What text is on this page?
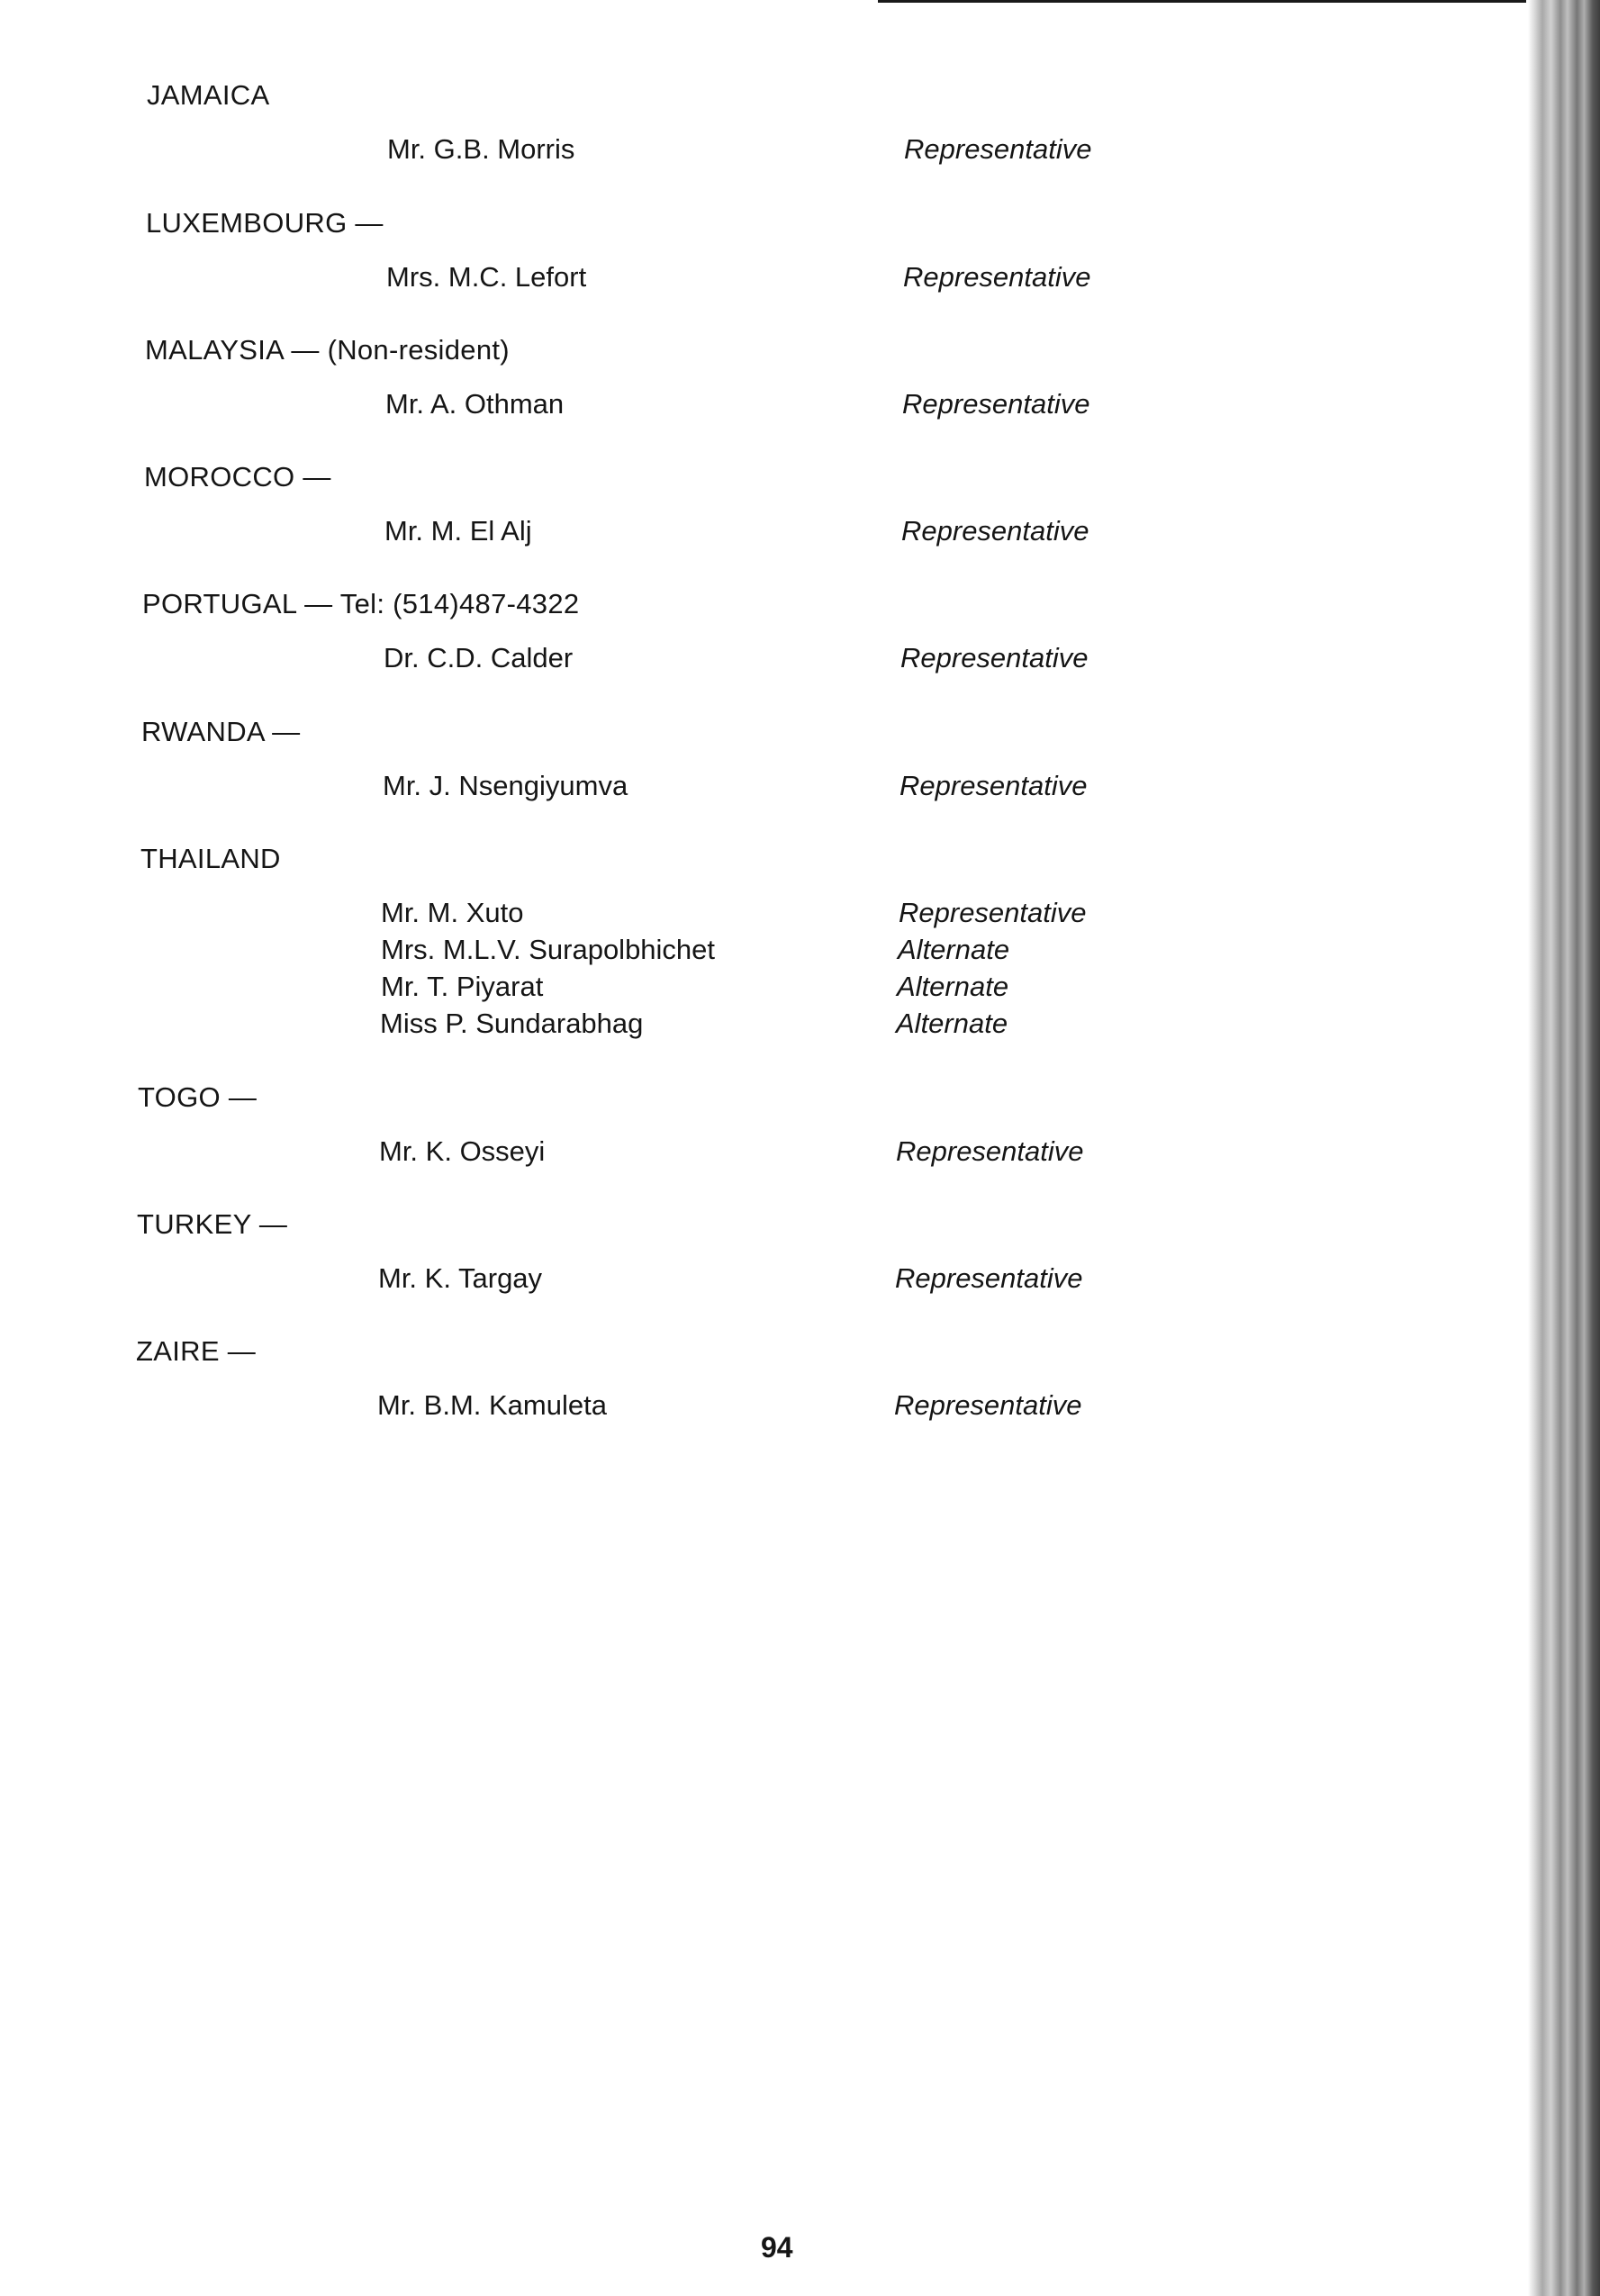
JAMAICA
Mr. G.B. Morris	Representative
LUXEMBOURG —
Mrs. M.C. Lefort	Representative
MALAYSIA — (Non-resident)
Mr. A. Othman	Representative
MOROCCO —
Mr. M. El Alj	Representative
PORTUGAL — Tel: (514)487-4322
Dr. C.D. Calder	Representative
RWANDA —
Mr. J. Nsengiyumva	Representative
THAILAND
Mr. M. Xuto	Representative
Mrs. M.L.V. Surapolbhichet	Alternate
Mr. T. Piyarat	Alternate
Miss P. Sundarabhag	Alternate
TOGO —
Mr. K. Osseyi	Representative
TURKEY —
Mr. K. Targay	Representative
ZAIRE —
Mr. B.M. Kamuleta	Representative
94
